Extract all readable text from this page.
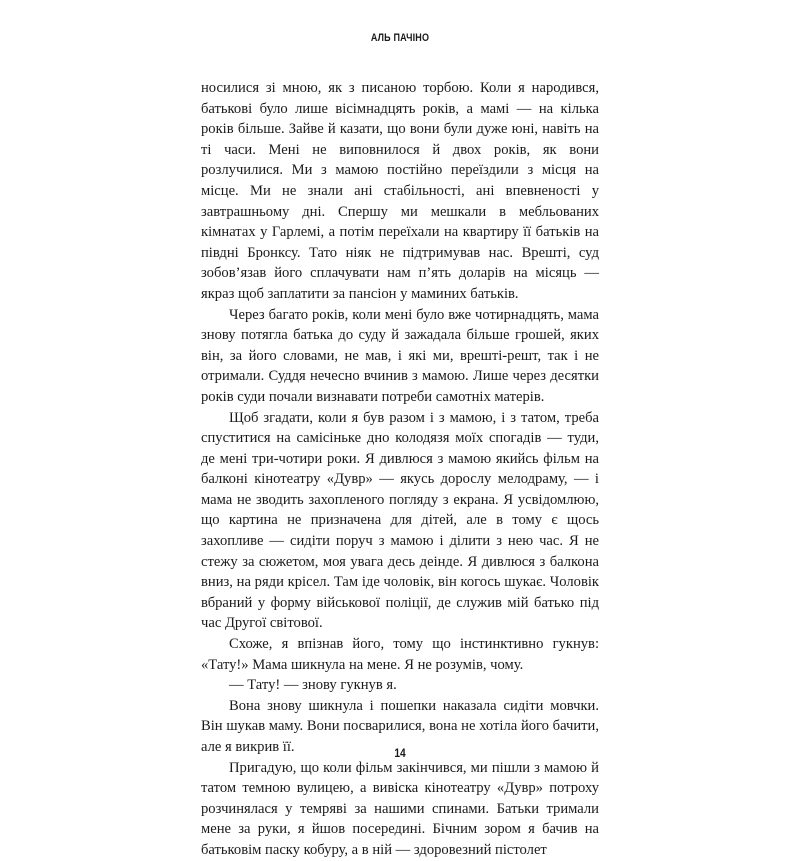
АЛЬ ПАЧІНО

носилися зі мною, як з писаною торбою. Коли я народився, батькові було лише вісімнадцять років, а мамі — на кілька років більше. Зайве й казати, що вони були дуже юні, навіть на ті часи. Мені не виповнилося й двох років, як вони розлучилися. Ми з мамою постійно переїздили з місця на місце. Ми не знали ані стабільності, ані впевненості у завтрашньому дні. Спершу ми мешкали в мебльованих кімнатах у Гарлемі, а потім переїхали на квартиру її батьків на півдні Бронксу. Тато ніяк не підтримував нас. Врешті, суд зобов’язав його сплачувати нам п’ять доларів на місяць — якраз щоб заплатити за пансіон у маминих батьків.

Через багато років, коли мені було вже чотирнадцять, мама знову потягла батька до суду й зажадала більше грошей, яких він, за його словами, не мав, і які ми, врешті-решт, так і не отримали. Суддя нечесно вчинив з мамою. Лише через десятки років суди почали визнавати потреби самотніх матерів.

Щоб згадати, коли я був разом і з мамою, і з татом, треба спуститися на самісіньке дно колодязя моїх спогадів — туди, де мені три-чотири роки. Я дивлюся з мамою якийсь фільм на балконі кінотеатру «Дувр» — якусь дорослу мелодраму, — і мама не зводить захопленого погляду з екрана. Я усвідомлюю, що картина не призначена для дітей, але в тому є щось захопливе — сидіти поруч з мамою і ділити з нею час. Я не стежу за сюжетом, моя увага десь деінде. Я дивлюся з балкона вниз, на ряди крісел. Там іде чоловік, він когось шукає. Чоловік вбраний у форму військової поліції, де служив мій батько під час Другої світової.

Схоже, я впізнав його, тому що інстинктивно гукнув: «Тату!» Мама шикнула на мене. Я не розумів, чому.

— Тату! — знову гукнув я.

Вона знову шикнула і пошепки наказала сидіти мовчки. Він шукав маму. Вони посварилися, вона не хотіла його бачити, але я викрив її.

Пригадую, що коли фільм закінчився, ми пішли з мамою й татом темною вулицею, а вивіска кінотеатру «Дувр» потроху розчинялася у темряві за нашими спинами. Батьки тримали мене за руки, я йшов посередині. Бічним зором я бачив на батьковім паску кобуру, а в ній — здоровезний пістолет

14
